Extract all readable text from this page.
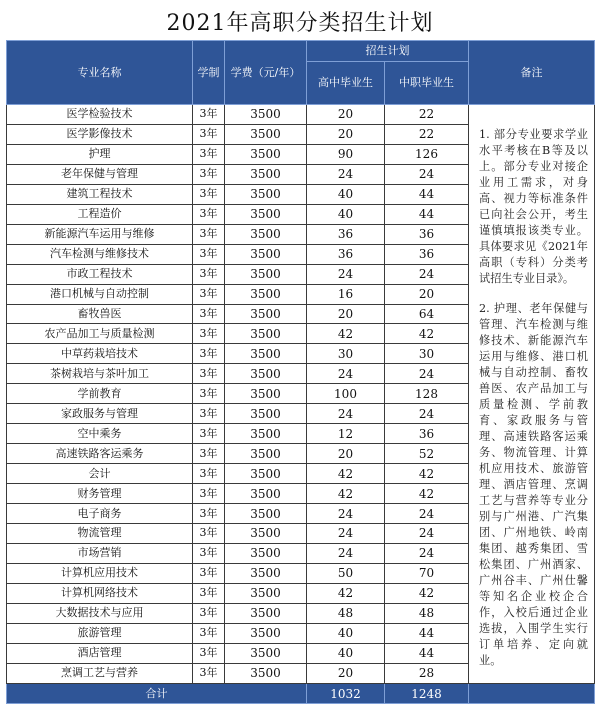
2021年高职分类招生计划
专业名称	学制	学费（元/年）	招生计划		备注
			高中毕业生	中职毕业生	
医学检验技术	3年	3500	20	22	1. 部分专业要求学业水平考核在B等及以上。部分专业对接企业用工需求，对身高、视力等标准条件已向社会公开，考生谨慎填报该类专业。具体要求见《2021年高职（专科）分类考试招生专业目录》。

2. 护理、老年保健与管理、汽车检测与维修技术、新能源汽车运用与维修、港口机械与自动控制、畜牧兽医、农产品加工与质量检测、学前教育、家政服务与管理、高速铁路客运乘务、物流管理、计算机应用技术、旅游管理、酒店管理、烹调工艺与营养等专业分别与广州港、广汽集团、广州地铁、岭南集团、越秀集团、雪松集团、广州酒家、广州谷丰、广州仕馨等知名企业校企合作，入校后通过企业选拔，入围学生实行订单培养、定向就业。

医学影像技术	3年	3500	20	22	
护理	3年	3500	90	126	
老年保健与管理	3年	3500	24	24	
建筑工程技术	3年	3500	40	44	
工程造价	3年	3500	40	44	
新能源汽车运用与维修	3年	3500	36	36	
汽车检测与维修技术	3年	3500	36	36	
市政工程技术	3年	3500	24	24	
港口机械与自动控制	3年	3500	16	20	
畜牧兽医	3年	3500	20	64	
农产品加工与质量检测	3年	3500	42	42	
中草药栽培技术	3年	3500	30	30	
茶树栽培与茶叶加工	3年	3500	24	24	
学前教育	3年	3500	100	128	
家政服务与管理	3年	3500	24	24	
空中乘务	3年	3500	12	36	
高速铁路客运乘务	3年	3500	20	52	
会计	3年	3500	42	42	
财务管理	3年	3500	42	42	
电子商务	3年	3500	24	24	
物流管理	3年	3500	24	24	
市场营销	3年	3500	24	24	
计算机应用技术	3年	3500	50	70	
计算机网络技术	3年	3500	42	42	
大数据技术与应用	3年	3500	48	48	
旅游管理	3年	3500	40	44	
酒店管理	3年	3500	40	44	
烹调工艺与营养	3年	3500	20	28	
合计			1032	1248	
